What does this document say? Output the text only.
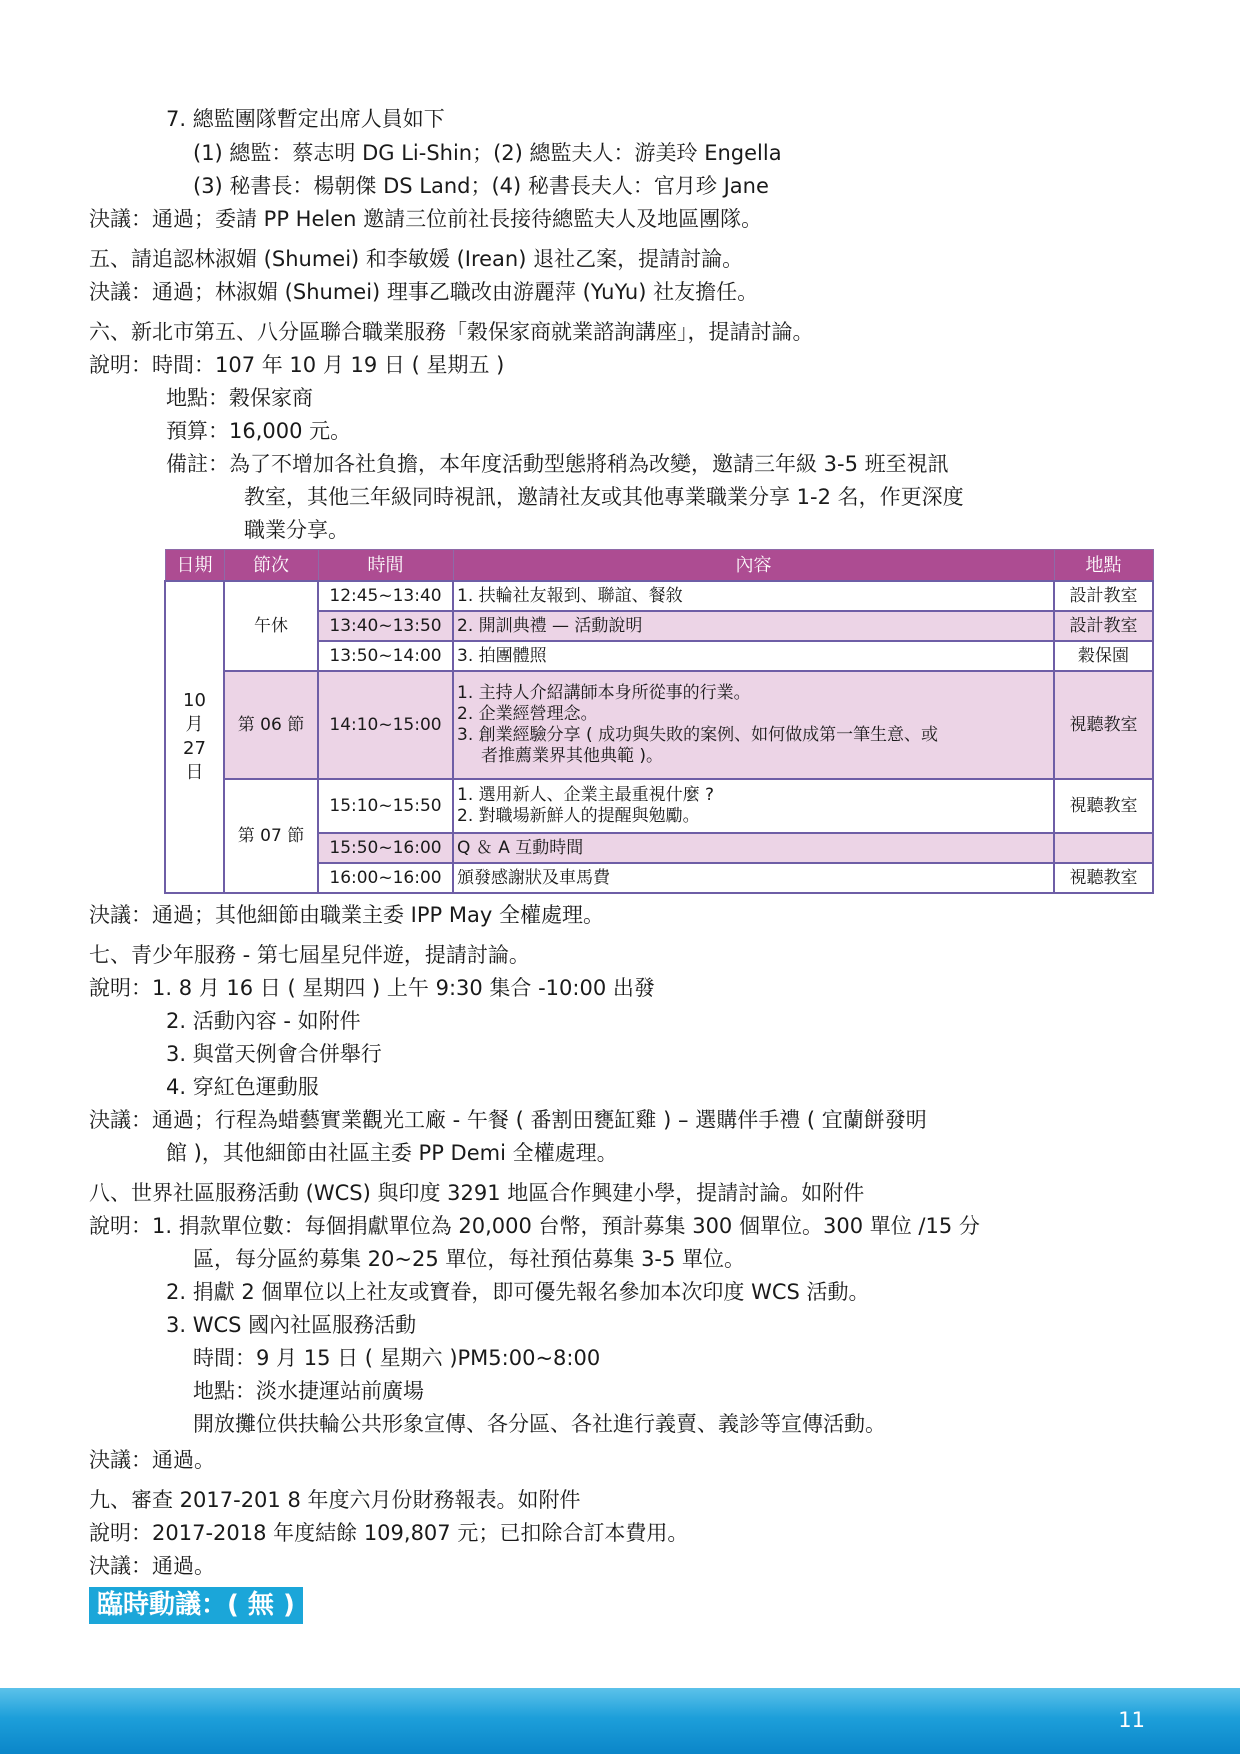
7. 總監團隊暫定出席人員如下
(1) 總監：蔡志明 DG Li-Shin；(2) 總監夫人：游美玲 Engella
(3) 秘書長：楊朝傑 DS Land；(4) 秘書長夫人：官月珍 Jane
決議：通過；委請 PP Helen 邀請三位前社長接待總監夫人及地區團隊。
五、請追認林淑媚 (Shumei) 和李敏媛 (Irean) 退社乙案，提請討論。
決議：通過；林淑媚 (Shumei) 理事乙職改由游麗萍 (YuYu) 社友擔任。
六、新北市第五、八分區聯合職業服務「穀保家商就業諮詢講座」，提請討論。
說明：時間：107 年 10 月 19 日 ( 星期五 )
地點：穀保家商
預算：16,000 元。
備註：為了不增加各社負擔，本年度活動型態將稍為改變，邀請三年級 3-5 班至視訊
教室，其他三年級同時視訊，邀請社友或其他專業職業分享 1-2 名，作更深度
職業分享。
日期	節次	時間	內容	地點

10
月
27
日	午休	12:45~13:40	1. 扶輪社友報到、聯誼、餐敘	設計教室
		13:40~13:50	2. 開訓典禮 — 活動說明	設計教室
		13:50~14:00	3. 拍團體照	穀保園
	第 06 節	14:10~15:00	1. 主持人介紹講師本身所從事的行業。
2. 企業經營理念。
3. 創業經驗分享 ( 成功與失敗的案例、如何做成第一筆生意、或
者推薦業界其他典範 )。	視聽教室
	第 07 節	15:10~15:50	1. 選用新人、企業主最重視什麼 ?
2. 對職場新鮮人的提醒與勉勵。	視聽教室
		15:50~16:00	Q ＆ A 互動時間	

		16:00~16:00	頒發感謝狀及車馬費	視聽教室
決議：通過；其他細節由職業主委 IPP May 全權處理。
七、青少年服務 - 第七屆星兒伴遊，提請討論。
說明：1. 8 月 16 日 ( 星期四 ) 上午 9:30 集合 -10:00 出發
2. 活動內容 - 如附件
3. 與當天例會合併舉行
4. 穿紅色運動服
決議：通過；行程為蜡藝實業觀光工廠 - 午餐 ( 番割田甕缸雞 ) – 選購伴手禮 ( 宜蘭餅發明
館 )，其他細節由社區主委 PP Demi 全權處理。
八、世界社區服務活動 (WCS) 與印度 3291 地區合作興建小學，提請討論。如附件
說明：1. 捐款單位數：每個捐獻單位為 20,000 台幣，預計募集 300 個單位。300 單位 /15 分
區，每分區約募集 20~25 單位，每社預估募集 3-5 單位。
2. 捐獻 2 個單位以上社友或寶眷，即可優先報名參加本次印度 WCS 活動。
3. WCS 國內社區服務活動
時間：9 月 15 日 ( 星期六 )PM5:00~8:00
地點：淡水捷運站前廣場
開放攤位供扶輪公共形象宣傳、各分區、各社進行義賣、義診等宣傳活動。
決議：通過。
九、審查 2017-201 8 年度六月份財務報表。如附件
說明：2017-2018 年度結餘 109,807 元；已扣除合訂本費用。
決議：通過。
臨時動議：( 無 )
11
